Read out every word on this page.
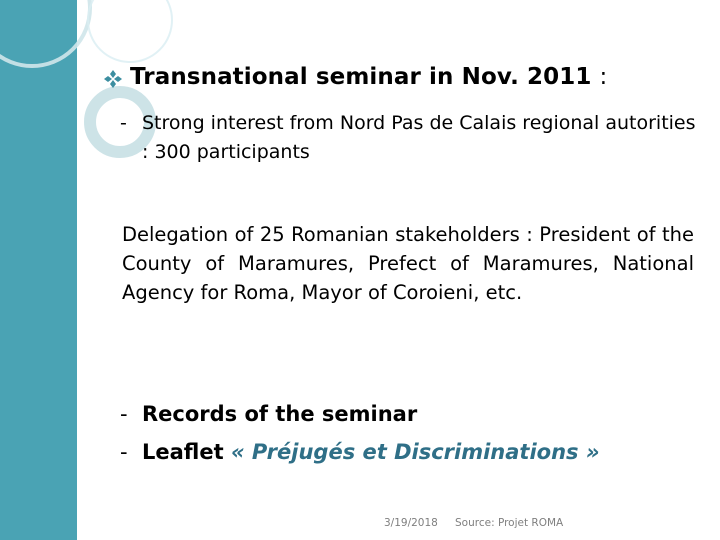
Transnational seminar in Nov. 2011 :
- Strong interest from Nord Pas de Calais regional autorities : 300 participants
Delegation of 25 Romanian stakeholders : President of the County of Maramures, Prefect of Maramures, National Agency for Roma, Mayor of Coroieni, etc.
- Records of the seminar
- Leaflet « Préjugés et Discriminations »
3/19/2018 Source: Projet ROMA
